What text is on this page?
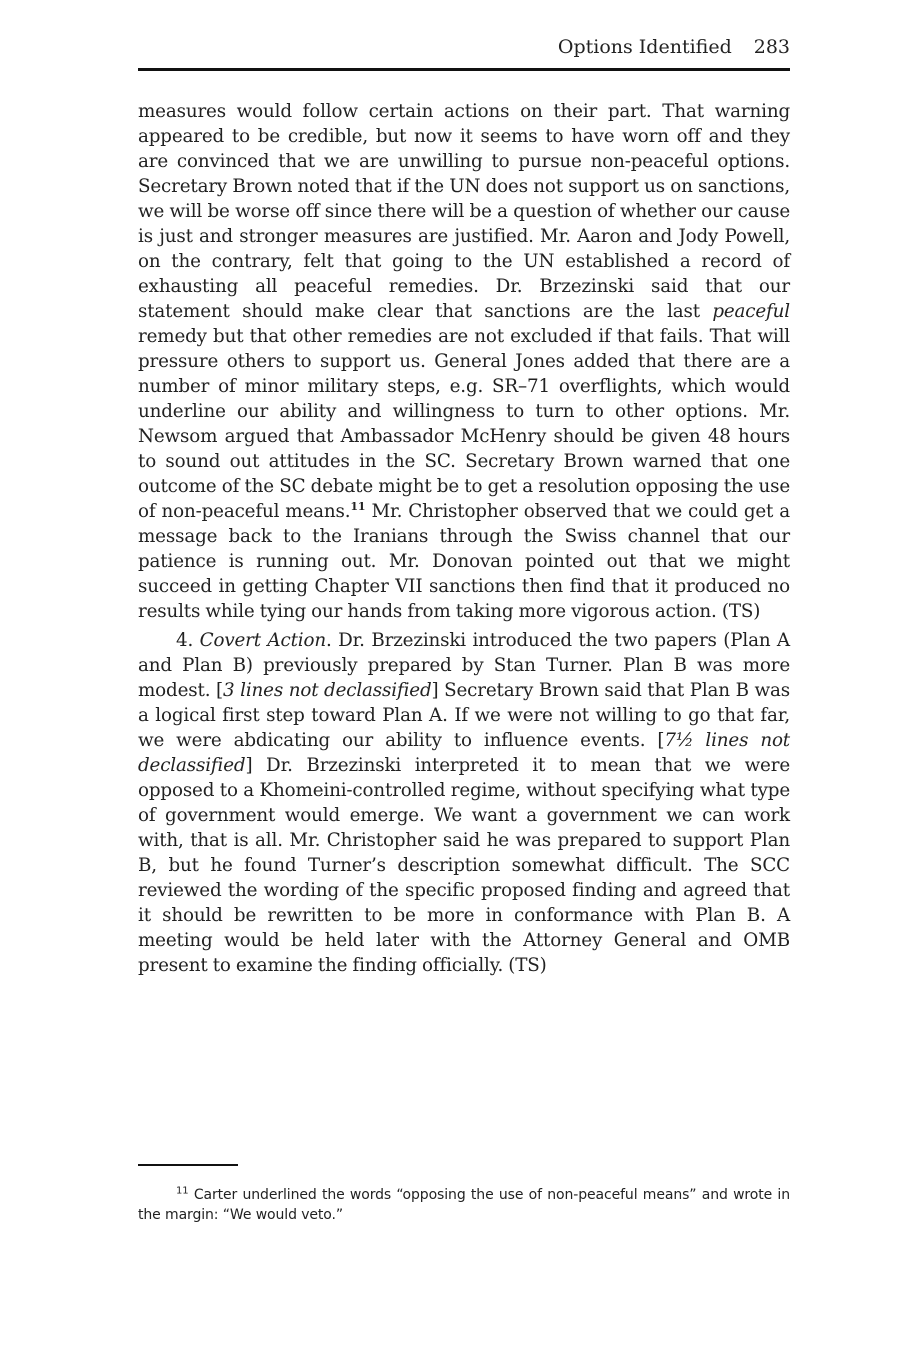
Options Identified 283

measures would follow certain actions on their part. That warning appeared to be credible, but now it seems to have worn off and they are convinced that we are unwilling to pursue non-peaceful options. Secretary Brown noted that if the UN does not support us on sanctions, we will be worse off since there will be a question of whether our cause is just and stronger measures are justified. Mr. Aaron and Jody Powell, on the contrary, felt that going to the UN established a record of exhausting all peaceful remedies. Dr. Brzezinski said that our statement should make clear that sanctions are the last peaceful remedy but that other remedies are not excluded if that fails. That will pressure others to support us. General Jones added that there are a number of minor military steps, e.g. SR–71 overflights, which would underline our ability and willingness to turn to other options. Mr. Newsom argued that Ambassador McHenry should be given 48 hours to sound out attitudes in the SC. Secretary Brown warned that one outcome of the SC debate might be to get a resolution opposing the use of non-peaceful means.$^{11}$ Mr. Christopher observed that we could get a message back to the Iranians through the Swiss channel that our patience is running out. Mr. Donovan pointed out that we might succeed in getting Chapter VII sanctions then find that it produced no results while tying our hands from taking more vigorous action. (TS)

4. Covert Action. Dr. Brzezinski introduced the two papers (Plan A and Plan B) previously prepared by Stan Turner. Plan B was more modest. [3 lines not declassified] Secretary Brown said that Plan B was a logical first step toward Plan A. If we were not willing to go that far, we were abdicating our ability to influence events. [7½ lines not declassified] Dr. Brzezinski interpreted it to mean that we were opposed to a Khomeini-controlled regime, without specifying what type of government would emerge. We want a government we can work with, that is all. Mr. Christopher said he was prepared to support Plan B, but he found Turner’s description somewhat difficult. The SCC reviewed the wording of the specific proposed finding and agreed that it should be rewritten to be more in conformance with Plan B. A meeting would be held later with the Attorney General and OMB present to examine the finding officially. (TS)

$^{11}$ Carter underlined the words “opposing the use of non-peaceful means” and wrote in the margin: “We would veto.”
